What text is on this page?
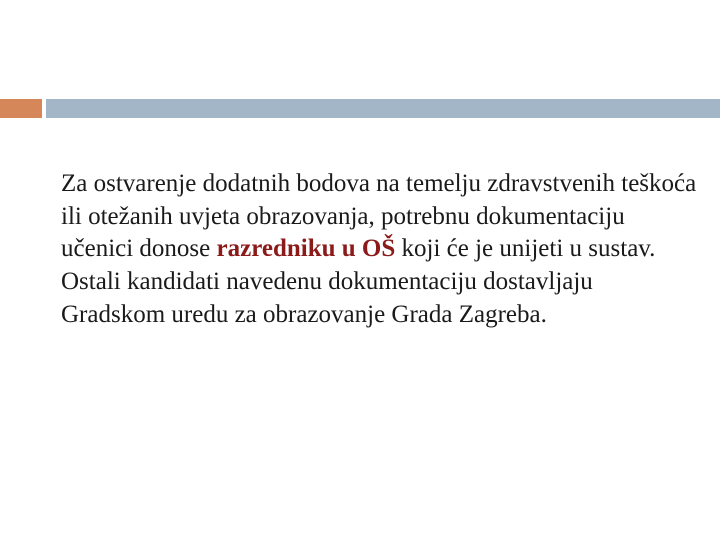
Za ostvarenje dodatnih bodova na temelju zdravstvenih teškoća ili otežanih uvjeta obrazovanja, potrebnu dokumentaciju učenici donose razredniku u OŠ koji će je unijeti u sustav. Ostali kandidati navedenu dokumentaciju dostavljaju Gradskom uredu za obrazovanje Grada Zagreba.
